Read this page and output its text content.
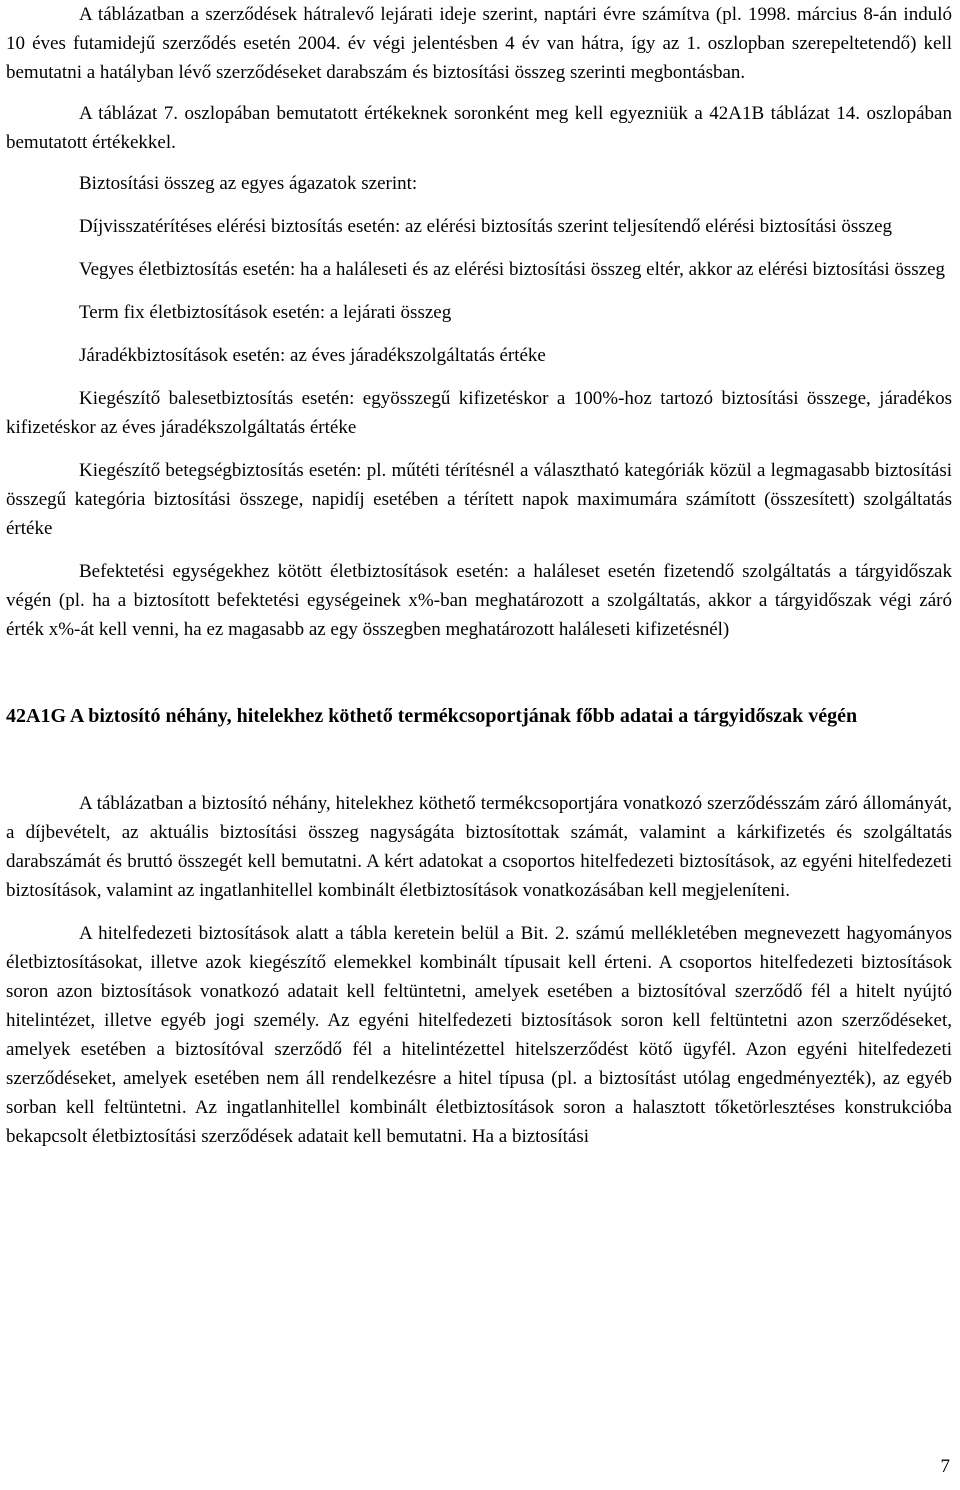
A táblázatban a szerződések hátralevő lejárati ideje szerint, naptári évre számítva (pl. 1998. március 8-án induló 10 éves futamidejű szerződés esetén 2004. év végi jelentésben 4 év van hátra, így az 1. oszlopban szerepeltetendő) kell bemutatni a hatályban lévő szerződéseket darabszám és biztosítási összeg szerinti megbontásban.

A táblázat 7. oszlopában bemutatott értékeknek soronként meg kell egyezniük a 42A1B táblázat 14. oszlopában bemutatott értékekkel.

Biztosítási összeg az egyes ágazatok szerint:

Díjvisszatérítéses elérési biztosítás esetén: az elérési biztosítás szerint teljesítendő elérési biztosítási összeg

Vegyes életbiztosítás esetén: ha a haláleseti és az elérési biztosítási összeg eltér, akkor az elérési biztosítási összeg

Term fix életbiztosítások esetén: a lejárati összeg

Járadékbiztosítások esetén: az éves járadékszolgáltatás értéke

Kiegészítő balesetbiztosítás esetén: egyösszegű kifizetéskor a 100%-hoz tartozó biztosítási összege, járadékos kifizetéskor az éves járadékszolgáltatás értéke

Kiegészítő betegségbiztosítás esetén: pl. műtéti térítésnél a választható kategóriák közül a legmagasabb biztosítási összegű kategória biztosítási összege, napidíj esetében a térített napok maximumára számított (összesített) szolgáltatás értéke

Befektetési egységekhez kötött életbiztosítások esetén: a haláleset esetén fizetendő szolgáltatás a tárgyidőszak végén (pl. ha a biztosított befektetési egységeinek x%-ban meghatározott a szolgáltatás, akkor a tárgyidőszak végi záró érték x%-át kell venni, ha ez magasabb az egy összegben meghatározott haláleseti kifizetésnél)

42A1G A biztosító néhány, hitelekhez köthető termékcsoportjának főbb adatai a tárgyidőszak végén

A táblázatban a biztosító néhány, hitelekhez köthető termékcsoportjára vonatkozó szerződésszám záró állományát, a díjbevételt, az aktuális biztosítási összeg nagyságáta biztosítottak számát, valamint a kárkifizetés és szolgáltatás darabszámát és bruttó összegét kell bemutatni. A kért adatokat a csoportos hitelfedezeti biztosítások, az egyéni hitelfedezeti biztosítások, valamint az ingatlanhitellel kombinált életbiztosítások vonatkozásában kell megjeleníteni.

A hitelfedezeti biztosítások alatt a tábla keretein belül a Bit. 2. számú mellékletében megnevezett hagyományos életbiztosításokat, illetve azok kiegészítő elemekkel kombinált típusait kell érteni. A csoportos hitelfedezeti biztosítások soron azon biztosítások vonatkozó adatait kell feltüntetni, amelyek esetében a biztosítóval szerződő fél a hitelt nyújtó hitelintézet, illetve egyéb jogi személy. Az egyéni hitelfedezeti biztosítások soron kell feltüntetni azon szerződéseket, amelyek esetében a biztosítóval szerződő fél a hitelintézettel hitelszerződést kötő ügyfél. Azon egyéni hitelfedezeti szerződéseket, amelyek esetében nem áll rendelkezésre a hitel típusa (pl. a biztosítást utólag engedményezték), az egyéb sorban kell feltüntetni. Az ingatlanhitellel kombinált életbiztosítások soron a halasztott tőketörlesztéses konstrukcióba bekapcsolt életbiztosítási szerződések adatait kell bemutatni. Ha a biztosítási

7
